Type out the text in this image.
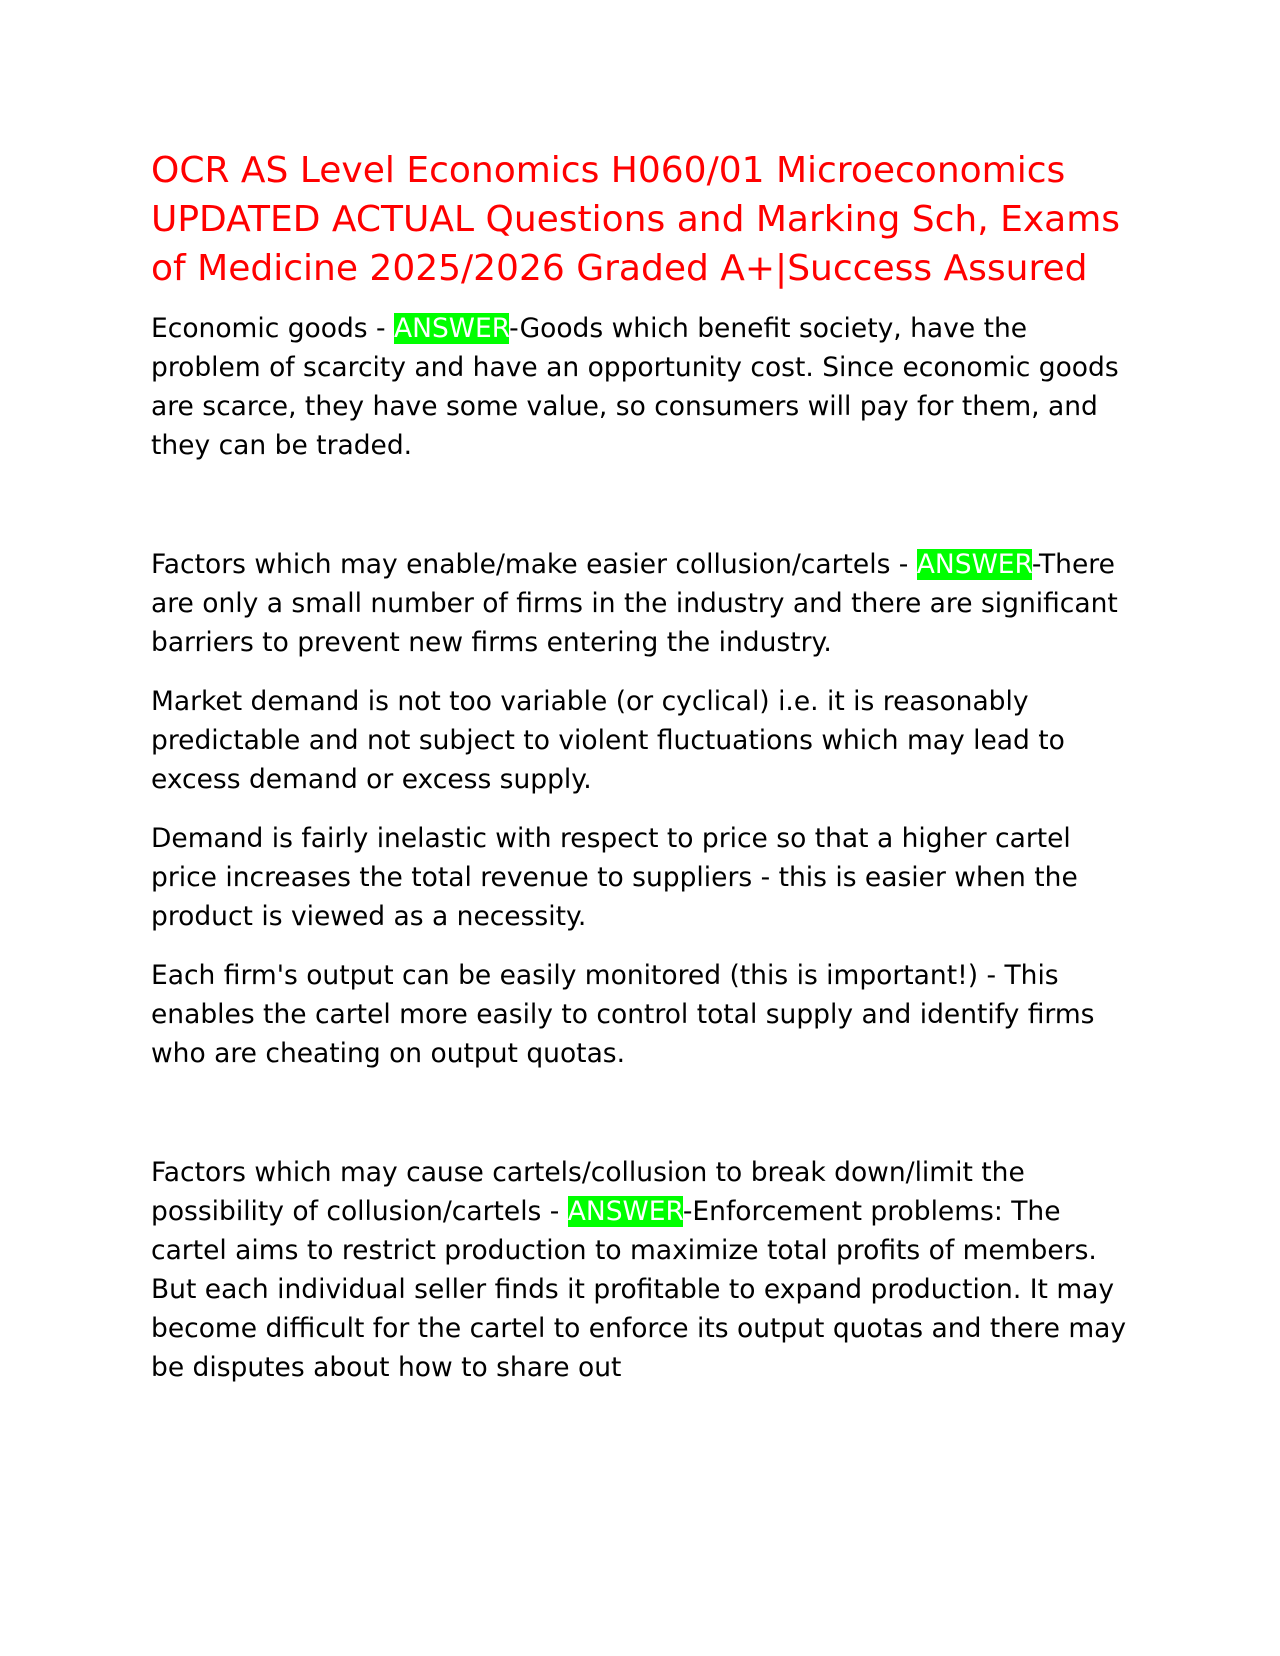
OCR AS Level Economics H060/01 Microeconomics UPDATED ACTUAL Questions and Marking Sch, Exams of Medicine 2025/2026 Graded A+|Success Assured

Economic goods - ANSWER-Goods which benefit society, have the problem of scarcity and have an opportunity cost. Since economic goods are scarce, they have some value, so consumers will pay for them, and they can be traded.

Factors which may enable/make easier collusion/cartels - ANSWER-There are only a small number of firms in the industry and there are significant barriers to prevent new firms entering the industry.

Market demand is not too variable (or cyclical) i.e. it is reasonably predictable and not subject to violent fluctuations which may lead to excess demand or excess supply.

Demand is fairly inelastic with respect to price so that a higher cartel price increases the total revenue to suppliers - this is easier when the product is viewed as a necessity.

Each firm's output can be easily monitored (this is important!) - This enables the cartel more easily to control total supply and identify firms who are cheating on output quotas.

Factors which may cause cartels/collusion to break down/limit the possibility of collusion/cartels - ANSWER-Enforcement problems: The cartel aims to restrict production to maximize total profits of members. But each individual seller finds it profitable to expand production. It may become difficult for the cartel to enforce its output quotas and there may be disputes about how to share out
